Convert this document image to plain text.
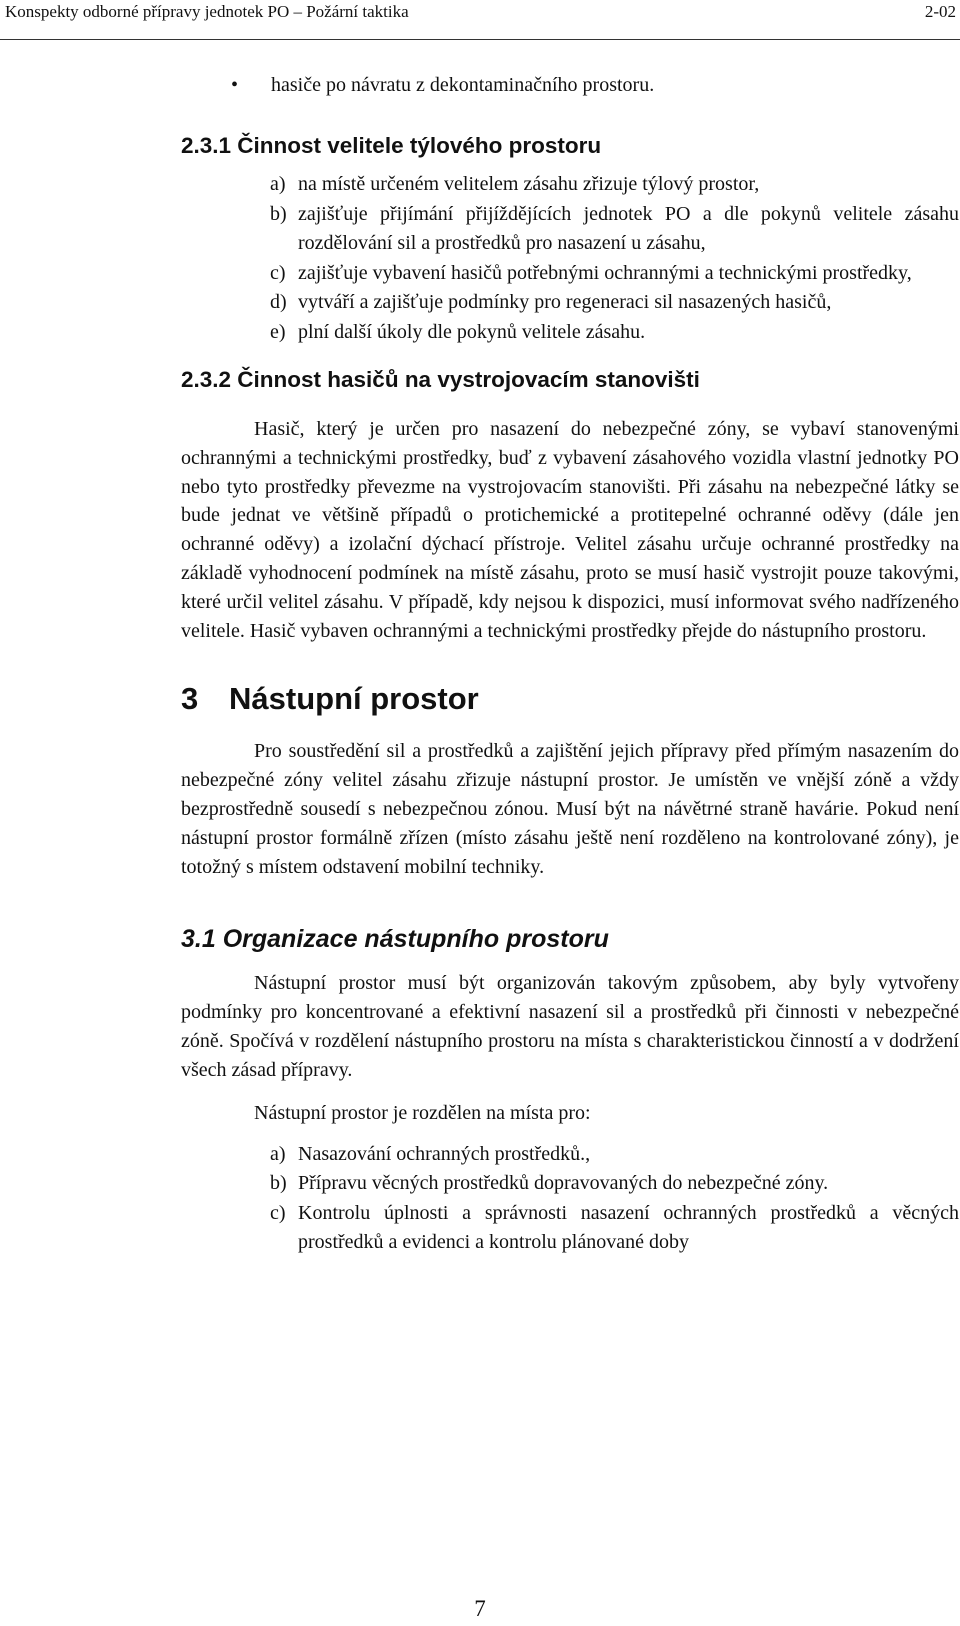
Konspekty odborné přípravy jednotek PO – Požární taktika	2-02

• hasiče po návratu z dekontaminačního prostoru.

2.3.1 Činnost velitele týlového prostoru
a) na místě určeném velitelem zásahu zřizuje týlový prostor,
b) zajišťuje přijímání přijíždějících jednotek PO a dle pokynů velitele zásahu rozdělování sil a prostředků pro nasazení u zásahu,
c) zajišťuje vybavení hasičů potřebnými ochrannými a technickými prostředky,
d) vytváří a zajišťuje podmínky pro regeneraci sil nasazených hasičů,
e) plní další úkoly dle pokynů velitele zásahu.
2.3.2 Činnost hasičů na vystrojovacím stanovišti

Hasič, který je určen pro nasazení do nebezpečné zóny, se vybaví stanovenými ochrannými a technickými prostředky, buď z vybavení zásahového vozidla vlastní jednotky PO nebo tyto prostředky převezme na vystrojovacím stanovišti. Při zásahu na nebezpečné látky se bude jednat ve většině případů o protichemické a protitepelné ochranné oděvy (dále jen ochranné oděvy) a izolační dýchací přístroje. Velitel zásahu určuje ochranné prostředky na základě vyhodnocení podmínek na místě zásahu, proto se musí hasič vystrojit pouze takovými, které určil velitel zásahu. V případě, kdy nejsou k dispozici, musí informovat svého nadřízeného velitele. Hasič vybaven ochrannými a technickými prostředky přejde do nástupního prostoru.

3 Nástupní prostor

Pro soustředění sil a prostředků a zajištění jejich přípravy před přímým nasazením do nebezpečné zóny velitel zásahu zřizuje nástupní prostor. Je umístěn ve vnější zóně a vždy bezprostředně sousedí s nebezpečnou zónou. Musí být na návětrné straně havárie. Pokud není nástupní prostor formálně zřízen (místo zásahu ještě není rozděleno na kontrolované zóny), je totožný s místem odstavení mobilní techniky.

3.1 Organizace nástupního prostoru

Nástupní prostor musí být organizován takovým způsobem, aby byly vytvořeny podmínky pro koncentrované a efektivní nasazení sil a prostředků při činnosti v nebezpečné zóně. Spočívá v rozdělení nástupního prostoru na místa s charakteristickou činností a v dodržení všech zásad přípravy.

Nástupní prostor je rozdělen na místa pro:

a) Nasazování ochranných prostředků.,
b) Přípravu věcných prostředků dopravovaných do nebezpečné zóny.
c) Kontrolu úplnosti a správnosti nasazení ochranných prostředků a věcných prostředků a evidenci a kontrolu plánované doby
7
